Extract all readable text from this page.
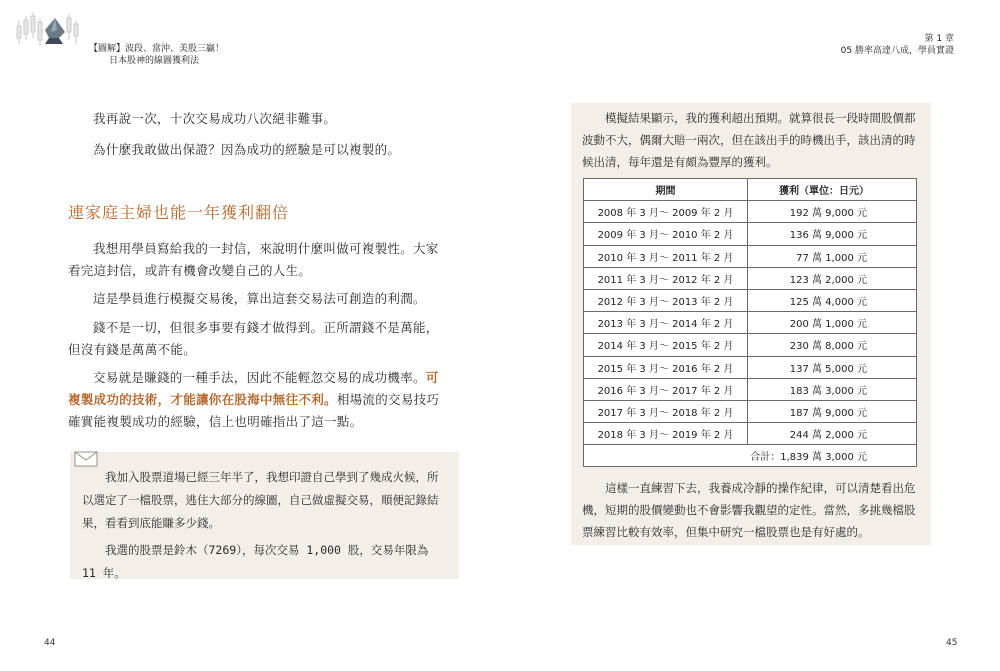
【圖解】波段、當沖、美股三贏！
日本股神的線圖獲利法
第 1 章
05 勝率高達八成，學員實證

我再說一次，十次交易成功八次絕非難事。

為什麼我敢做出保證？因為成功的經驗是可以複製的。

連家庭主婦也能一年獲利翻倍

我想用學員寫給我的一封信，來說明什麼叫做可複製性。大家看完這封信，或許有機會改變自己的人生。

這是學員進行模擬交易後，算出這套交易法可創造的利潤。

錢不是一切，但很多事要有錢才做得到。正所謂錢不是萬能，但沒有錢是萬萬不能。

交易就是賺錢的一種手法，因此不能輕忽交易的成功機率。可複製成功的技術，才能讓你在股海中無往不利。相場流的交易技巧確實能複製成功的經驗，信上也明確指出了這一點。

我加入股票道場已經三年半了，我想印證自己學到了幾成火候，所以選定了一檔股票，逃住大部分的線圖，自己做虛擬交易，順便記錄結果，看看到底能賺多少錢。

我選的股票是鈴木（7269），每次交易 1,000 股，交易年限為 11 年。

44

模擬結果顯示，我的獲利超出預期。就算很長一段時間股價都波動不大，偶爾大賠一兩次，但在該出手的時機出手，該出清的時候出清，每年還是有頗為豐厚的獲利。

期間	獲利（單位：日元）
2008 年 3 月～ 2009 年 2 月	192 萬 9,000 元
2009 年 3 月～ 2010 年 2 月	136 萬 9,000 元
2010 年 3 月～ 2011 年 2 月	77 萬 1,000 元
2011 年 3 月～ 2012 年 2 月	123 萬 2,000 元
2012 年 3 月～ 2013 年 2 月	125 萬 4,000 元
2013 年 3 月～ 2014 年 2 月	200 萬 1,000 元
2014 年 3 月～ 2015 年 2 月	230 萬 8,000 元
2015 年 3 月～ 2016 年 2 月	137 萬 5,000 元
2016 年 3 月～ 2017 年 2 月	183 萬 3,000 元
2017 年 3 月～ 2018 年 2 月	187 萬 9,000 元
2018 年 3 月～ 2019 年 2 月	244 萬 2,000 元
合計：1,839 萬 3,000 元	

這樣一直練習下去，我養成冷靜的操作紀律，可以清楚看出危機，短期的股價變動也不會影響我觀望的定性。當然，多挑幾檔股票練習比較有效率，但集中研究一檔股票也是有好處的。

45
